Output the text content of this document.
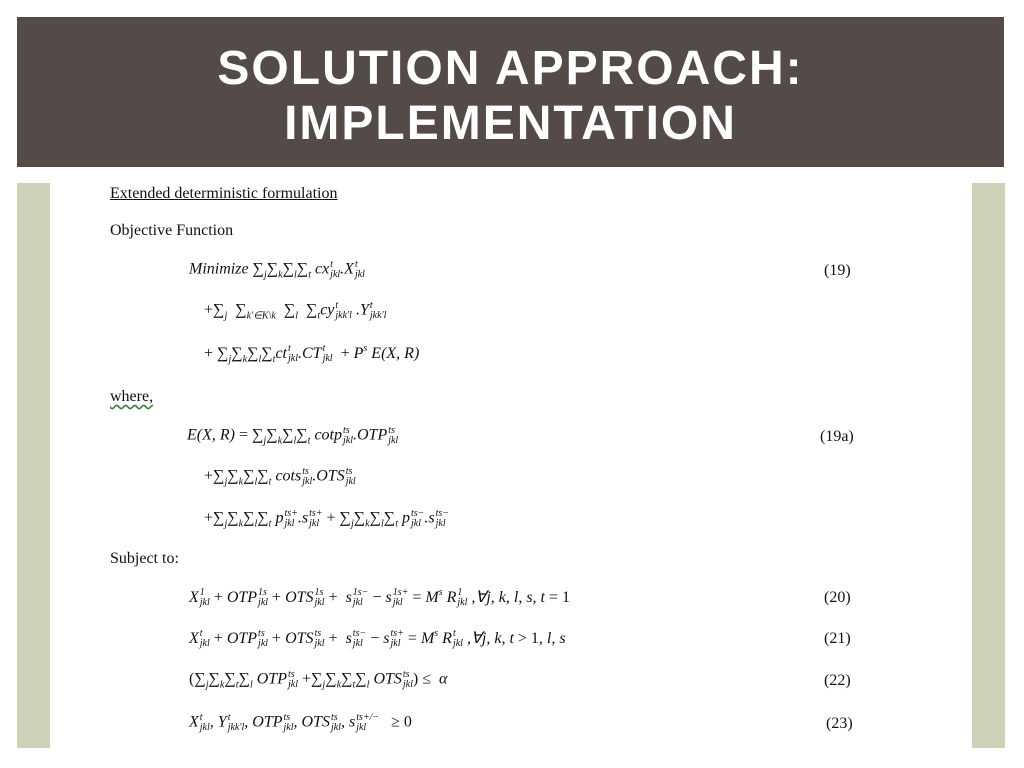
SOLUTION APPROACH:
IMPLEMENTATION
Extended deterministic formulation
Objective Function
Minimize $\sum_j\sum_k\sum_l\sum_t$ cx t
jkl .X t
jkl	(19)
$+\sum_j$ $\sum_{k'\in K\backslash k}$ $\sum_l$ $\sum_tcy$ t
jkk'l .Y t
jkk'l
+ $\sum_j\sum_k\sum_l\sum_tct$ t
jkl .CT t
jkl + $P^s$ E(X, R)
where,
E(X, $R) = \sum_j\sum_k\sum_l\sum_t$ cotp ts
jkl .OTP ts
jkl	(19a)
$+\sum_j\sum_k\sum_l\sum_t$ cots ts
jkl .OTS ts
jkl
$+\sum_j\sum_k\sum_l\sum_t$ p ts+
jkl .s ts+
jkl + $\sum_j\sum_k\sum_l\sum_t$ p ts−
jkl .s ts−
jkl
Subject to:
X 1
jkl + OTP 1s
jkl + OTS 1s
jkl +  s 1s−
jkl − s 1s+
jkl = $M^s$ R 1
jkl ,∀j, k, l, s, t = 1	(20)
X t
jkl + OTP ts
jkl + OTS ts
jkl +  s ts−
jkl − s ts+
jkl = $M^s$ R t
jkl ,∀j, k, t > 1, l, s	(21)
($\sum_j\sum_k\sum_t\sum_l$ OTP ts
jkl $+\sum_j\sum_k\sum_t\sum_l$ OTS ts
jkl ) ≤  α	(22)
X t
jkl , Y t
jkk'l , OTP ts
jkl , OTS ts
jkl , s ts+/−
jkl	≥ 0	(23)
